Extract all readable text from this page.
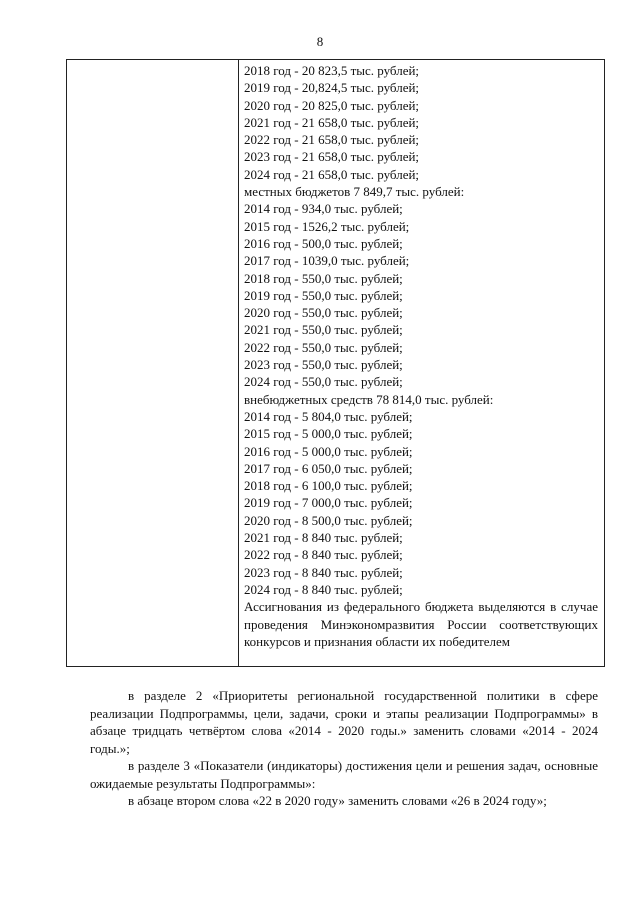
8
2018 год - 20 823,5 тыс. рублей;
2019 год - 20,824,5 тыс. рублей;
2020 год - 20 825,0 тыс. рублей;
2021 год - 21 658,0 тыс. рублей;
2022 год - 21 658,0 тыс. рублей;
2023 год - 21 658,0 тыс. рублей;
2024 год - 21 658,0 тыс. рублей;
местных бюджетов 7 849,7 тыс. рублей:
2014 год - 934,0 тыс. рублей;
2015 год - 1526,2 тыс. рублей;
2016 год - 500,0 тыс. рублей;
2017 год - 1039,0 тыс. рублей;
2018 год - 550,0 тыс. рублей;
2019 год - 550,0 тыс. рублей;
2020 год - 550,0 тыс. рублей;
2021 год - 550,0 тыс. рублей;
2022 год - 550,0 тыс. рублей;
2023 год - 550,0 тыс. рублей;
2024 год - 550,0 тыс. рублей;
внебюджетных средств 78 814,0 тыс. рублей:
2014 год - 5 804,0 тыс. рублей;
2015 год - 5 000,0 тыс. рублей;
2016 год - 5 000,0 тыс. рублей;
2017 год - 6 050,0 тыс. рублей;
2018 год - 6 100,0 тыс. рублей;
2019 год - 7 000,0 тыс. рублей;
2020 год - 8 500,0 тыс. рублей;
2021 год - 8 840 тыс. рублей;
2022 год - 8 840 тыс. рублей;
2023 год - 8 840 тыс. рублей;
2024 год - 8 840 тыс. рублей;
Ассигнования из федерального бюджета выделяются в случае проведения Минэкономразвития России соответствующих конкурсов и признания области их победителем

в разделе 2 «Приоритеты региональной государственной политики в сфере реализации Подпрограммы, цели, задачи, сроки и этапы реализации Подпрограммы» в абзаце тридцать четвёртом слова «2014 - 2020 годы.» заменить словами «2014 - 2024 годы.»;

в разделе 3 «Показатели (индикаторы) достижения цели и решения задач, основные ожидаемые результаты Подпрограммы»:

в абзаце втором слова «22 в 2020 году» заменить словами «26 в 2024 году»;
